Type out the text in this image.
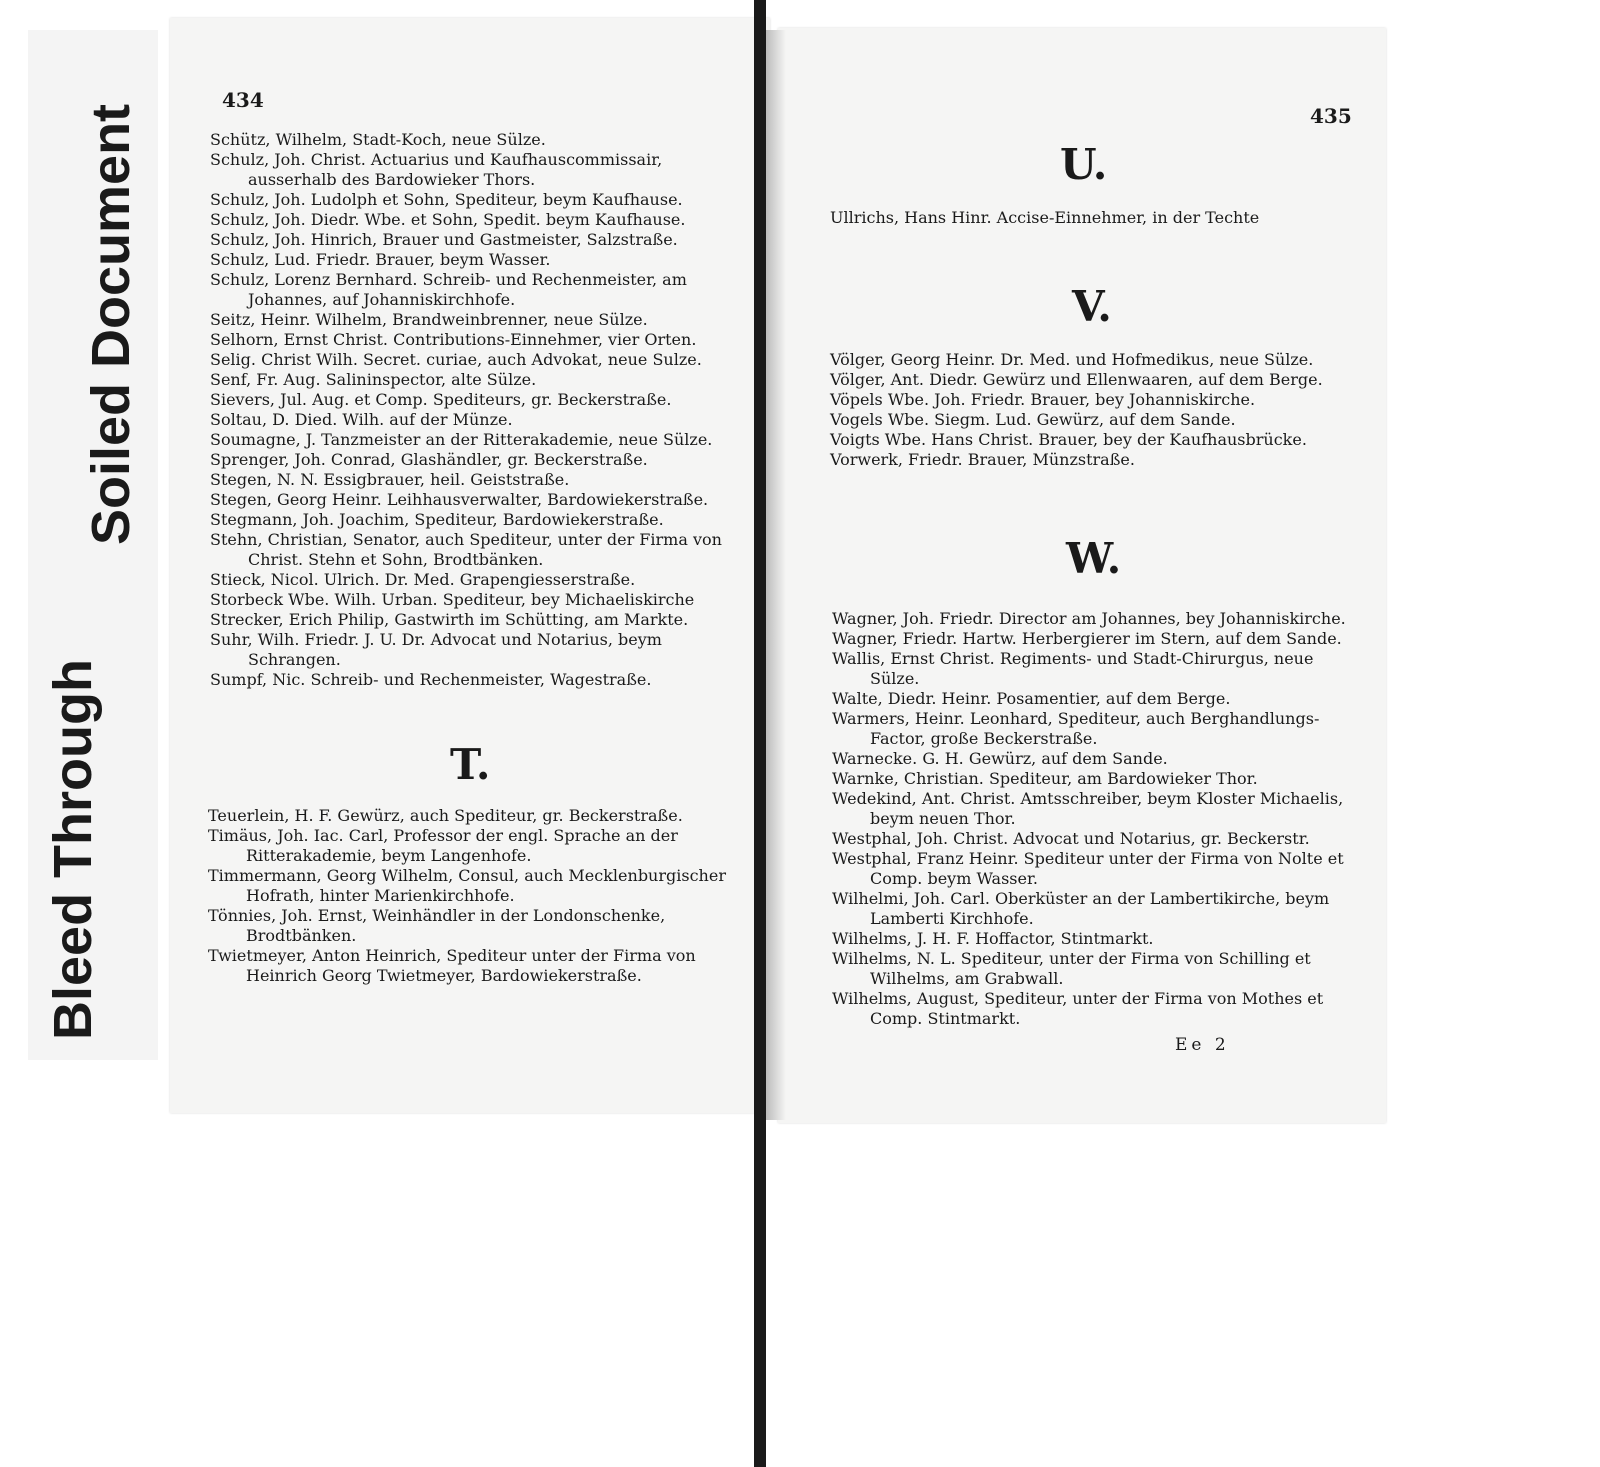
Soiled Document
Bleed Through
434
435
Schütz, Wilhelm, Stadt-Koch, neue Sülze.
Schulz, Joh. Christ. Actuarius und Kaufhauscommissair, ausserhalb des Bardowieker Thors.
Schulz, Joh. Ludolph et Sohn, Spediteur, beym Kaufhause.
Schulz, Joh. Diedr. Wbe. et Sohn, Spedit. beym Kaufhause.
Schulz, Joh. Hinrich, Brauer und Gastmeister, Salzstraße.
Schulz, Lud. Friedr. Brauer, beym Wasser.
Schulz, Lorenz Bernhard. Schreib- und Rechenmeister, am Johannes, auf Johanniskirchhofe.
Seitz, Heinr. Wilhelm, Brandweinbrenner, neue Sülze.
Selhorn, Ernst Christ. Contributions-Einnehmer, vier Orten.
Selig. Christ Wilh. Secret. curiae, auch Advokat, neue Sulze.
Senf, Fr. Aug. Salininspector, alte Sülze.
Sievers, Jul. Aug. et Comp. Spediteurs, gr. Beckerstraße.
Soltau, D. Died. Wilh. auf der Münze.
Soumagne, J. Tanzmeister an der Ritterakademie, neue Sülze.
Sprenger, Joh. Conrad, Glashändler, gr. Beckerstraße.
Stegen, N. N. Essigbrauer, heil. Geiststraße.
Stegen, Georg Heinr. Leihhausverwalter, Bardowiekerstraße.
Stegmann, Joh. Joachim, Spediteur, Bardowiekerstraße.
Stehn, Christian, Senator, auch Spediteur, unter der Firma von Christ. Stehn et Sohn, Brodtbänken.
Stieck, Nicol. Ulrich. Dr. Med. Grapengiesserstraße.
Storbeck Wbe. Wilh. Urban. Spediteur, bey Michaeliskirche
Strecker, Erich Philip, Gastwirth im Schütting, am Markte.
Suhr, Wilh. Friedr. J. U. Dr. Advocat und Notarius, beym Schrangen.
Sumpf, Nic. Schreib- und Rechenmeister, Wagestraße.
T.
Teuerlein, H. F. Gewürz, auch Spediteur, gr. Beckerstraße.
Timäus, Joh. Iac. Carl, Professor der engl. Sprache an der Ritterakademie, beym Langenhofe.
Timmermann, Georg Wilhelm, Consul, auch Mecklenburgischer Hofrath, hinter Marienkirchhofe.
Tönnies, Joh. Ernst, Weinhändler in der Londonschenke, Brodtbänken.
Twietmeyer, Anton Heinrich, Spediteur unter der Firma von Heinrich Georg Twietmeyer, Bardowiekerstraße.
U.
Ullrichs, Hans Hinr. Accise-Einnehmer, in der Techte
V.
Völger, Georg Heinr. Dr. Med. und Hofmedikus, neue Sülze.
Völger, Ant. Diedr. Gewürz und Ellenwaaren, auf dem Berge.
Vöpels Wbe. Joh. Friedr. Brauer, bey Johanniskirche.
Vogels Wbe. Siegm. Lud. Gewürz, auf dem Sande.
Voigts Wbe. Hans Christ. Brauer, bey der Kaufhausbrücke.
Vorwerk, Friedr. Brauer, Münzstraße.
W.
Wagner, Joh. Friedr. Director am Johannes, bey Johanniskirche.
Wagner, Friedr. Hartw. Herbergierer im Stern, auf dem Sande.
Wallis, Ernst Christ. Regiments- und Stadt-Chirurgus, neue Sülze.
Walte, Diedr. Heinr. Posamentier, auf dem Berge.
Warmers, Heinr. Leonhard, Spediteur, auch Berghandlungs-Factor, große Beckerstraße.
Warnecke. G. H. Gewürz, auf dem Sande.
Warnke, Christian. Spediteur, am Bardowieker Thor.
Wedekind, Ant. Christ. Amtsschreiber, beym Kloster Michaelis, beym neuen Thor.
Westphal, Joh. Christ. Advocat und Notarius, gr. Beckerstr.
Westphal, Franz Heinr. Spediteur unter der Firma von Nolte et Comp. beym Wasser.
Wilhelmi, Joh. Carl. Oberküster an der Lambertikirche, beym Lamberti Kirchhofe.
Wilhelms, J. H. F. Hoffactor, Stintmarkt.
Wilhelms, N. L. Spediteur, unter der Firma von Schilling et Wilhelms, am Grabwall.
Wilhelms, August, Spediteur, unter der Firma von Mothes et Comp. Stintmarkt.
Ee 2
